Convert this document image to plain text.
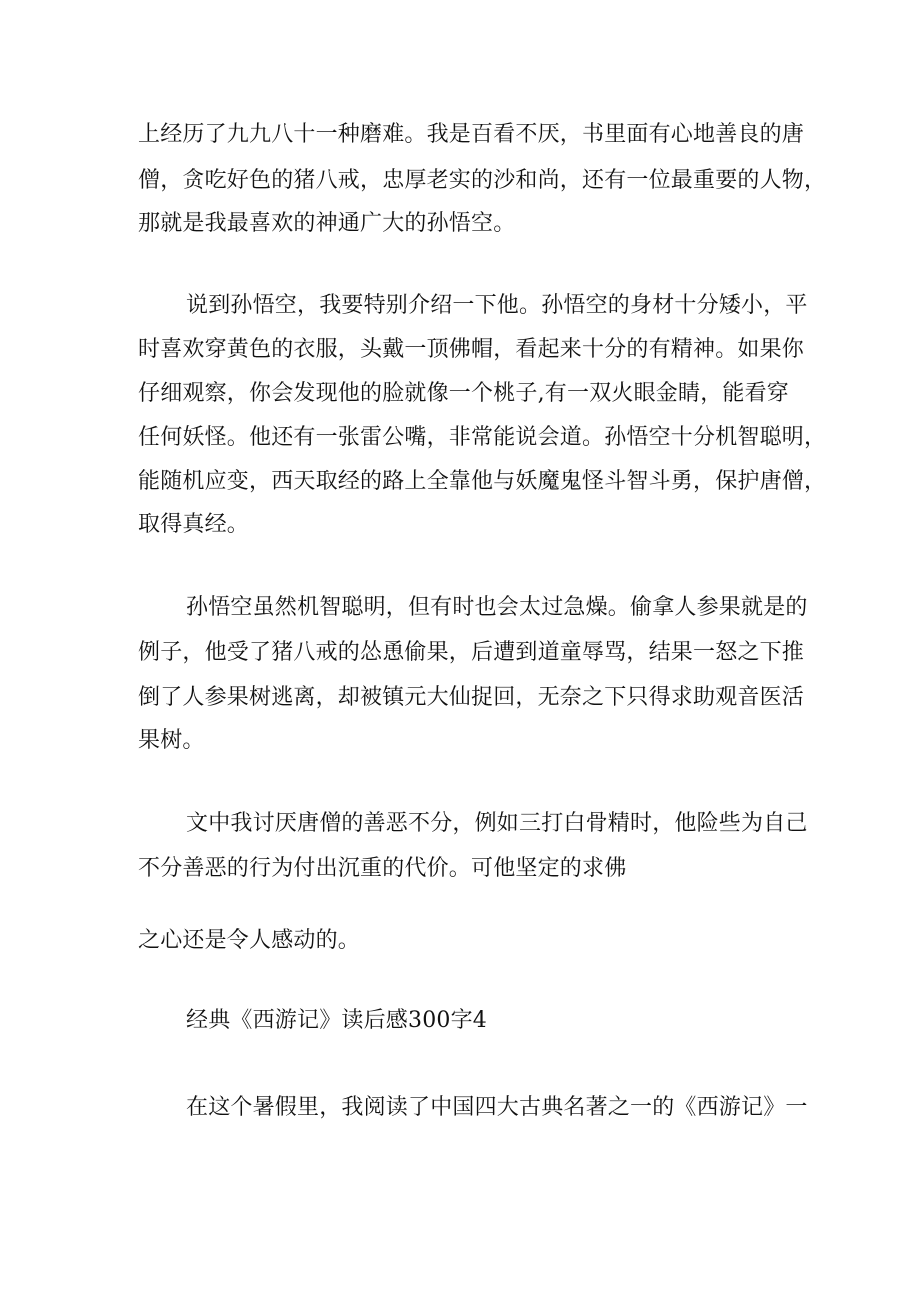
上经历了九九八十一种磨难。我是百看不厌，书里面有心地善良的唐
僧，贪吃好色的猪八戒，忠厚老实的沙和尚，还有一位最重要的人物，
那就是我最喜欢的神通广大的孙悟空。
说到孙悟空，我要特别介绍一下他。孙悟空的身材十分矮小，平
时喜欢穿黄色的衣服，头戴一顶佛帽，看起来十分的有精神。如果你
仔细观察，你会发现他的脸就像一个桃子,有一双火眼金睛，能看穿
任何妖怪。他还有一张雷公嘴，非常能说会道。孙悟空十分机智聪明，
能随机应变，西天取经的路上全靠他与妖魔鬼怪斗智斗勇，保护唐僧，
取得真经。
孙悟空虽然机智聪明，但有时也会太过急燥。偷拿人参果就是的
例子，他受了猪八戒的怂恿偷果，后遭到道童辱骂，结果一怒之下推
倒了人参果树逃离，却被镇元大仙捉回，无奈之下只得求助观音医活
果树。
文中我讨厌唐僧的善恶不分，例如三打白骨精时，他险些为自己
不分善恶的行为付出沉重的代价。可他坚定的求佛
之心还是令人感动的。
经典《西游记》读后感300字4
在这个暑假里，我阅读了中国四大古典名著之一的《西游记》一
